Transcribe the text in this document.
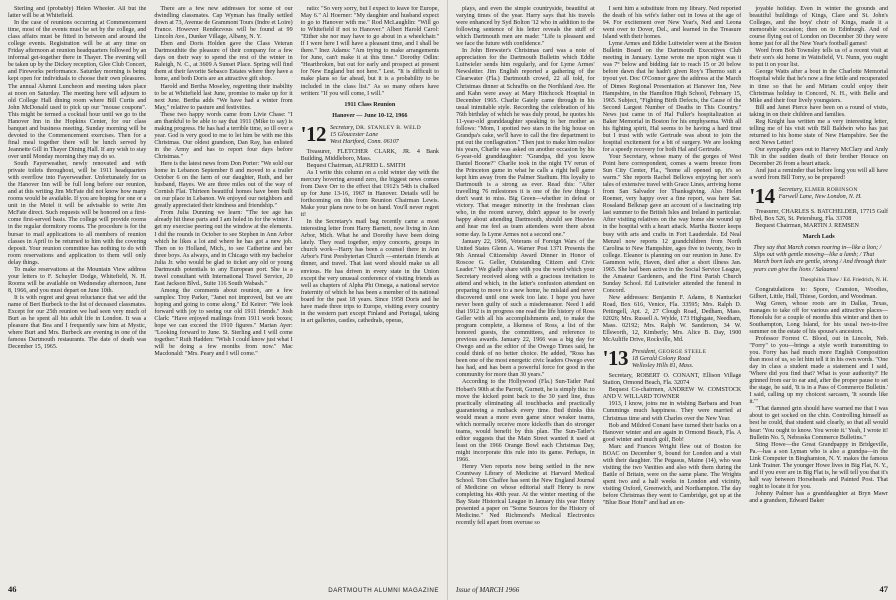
Sterling and (probably) Helen Wheeler. All but the latter will be at Whitefield.

In the case of reunions occurring at Commencement time, most of the events must be set by the college, and class affairs must be fitted in between and around the college events. Registration will be at any time on Friday afternoon at reunion headquarters followed by an informal get-together there in Thayer. The evening will be taken up by the Dickey reception, Glee Club Concert, and Fireworks performance. Saturday morning is being kept open for individuals to choose their own pleasures. The annual Alumni Luncheon and meeting takes place at noon on Saturday. The meeting here will adjourn to old College Hall dining room where Bill Curtis and John McDonald used to pick up our "mouse coupons". This might be termed a cocktail hour until we go to the Hanover Inn in the Hopkins Center, for our class banquet and business meeting. Sunday morning will be devoted to the Commencement exercises. Then for a final meal together there will be lunch served by Jeannette Gill in Thayer Dining Hall. If any wish to stay over until Monday morning they may do so.

South Fayerweather, newly renovated and with private toilets throughout, will be 1911 headquarters with overflow into Fayerweather. Unfortunately for us the Hanover Inn will be full long before our reunion, and at this writing Jim McFate did not know how many rooms would be available. If you are hoping for one or a unit in the Motel it will be advisable to write Jim McFate direct. Such requests will be honored on a first-come first-served basis. The college will provide rooms in the regular dormitory rooms. The procedure is for the bursar to mail applications to all members of reunion classes in April to be returned to him with the covering deposit. Your reunion committee has nothing to do with room reservations and application to them will only delay things.

To make reservations at the Mountain View address your letters to F. Schuyler Dodge, Whitefield, N. H. Rooms will be available on Wednesday afternoon, June 8, 1966, and you must depart on June 10th.

It is with regret and great reluctance that we add the name of Bert Burbeck to the list of deceased classmates. Except for our 25th reunion we had seen very much of Burt as he spent all his adult life in London. It was a pleasure that Bea and I frequently saw him at Mystic, where Burt and Mrs. Burbeck are evening in one of the famous Dartmouth restaurants. The date of death was December 15, 1965.

There are a few new addresses for some of our dwindling classmates. Cap Wyman has finally settled down at 73, Avenue de Grammont Tours (Indre et Loire) France. However Rendezvous will be found at 99 Lincoln Ave., Dunker Village, Albany, N. Y.

Eben and Doris Holden gave the Class Veteran Dartmouthite the pleasure of their company for a few days on their way to spend the rest of the winter in Raleigh, N. C., at 3609 A Sunset Place. Spring will find them at their favorite Sebasco Estates where they have a home, and both Doris are an attractive gift shop.

Harold and Bertha Moseley, regretting their inability to be at Whitefield last June, promise to make up for it next June. Bertha adds "We have had a winter from May," relative to pasture and festivities.

These two happy words came from Livie Chase: "I am thankful to be able to say that 1911 (Mike to say) is making progress. He has had a terrible time, so ill over a year. God is very good to me to let him be with me this Christmas. Our oldest grandson, Dan Ray, has enlisted in the Army and has to report four days before Christmas."

Here is the latest news from Don Porter: "We sold our home in Lebanon September 8 and moved to a trailer October 6 on the farm of our daughter, Ruth, and her husband, Hayes. We are three miles out of the way of Cornish Flat. Thirteen beautiful homes have been built on our place in Lebanon. We enjoyed our neighbors and greatly appreciated their kindness and friendship."

From Julia Dunning we learn: "The tee age has already hit these parts and I am holed in for the winter. I get my exercise peering out the window at the elements. I did the rounds in October to see Stephen in Ann Arbor which he likes a lot and where he has got a new job. Then on to Holland, Mich., to see Catherine and her three boys. As always, and in Chicago with my bachelor Julia Jr. who would be glad to ticket any old or young Dartmouth potentials to any European port. She is a travel consultant with International Travel Service, 20 East Jackson Blvd., Suite 116 South Wabash."

Among the comments about reunion, are a few samples: Troy Parker, "Janet not improved, but we are hoping and going to come along." Ed Keirer: "We look forward with joy to seeing our old 1911 friends." Josh Clark: "Have enjoyed mailings from 1911 work boxes; hope we can exceed the 1910 figures." Marian Ayer: "Looking forward to June. St. Sterling and I will come together." Ruth Hadden: "Wish I could know just what I will be doing a few months from now." Mac Macdonald: "Mrs. Peary and I will come."

ratio: "So very sorry, but I expect to leave for Europe, May 6." Al Hoerner: "My daughter and husband expect to go to Hanover with me." Rod McLaughlin: "Will go to Whitefield if not to Hanover." Albert Harold Carol: "Either she nor may have to go about in a wheelchair." If I were here I will have a pleasant time, and I shall be there." Inez Adams: "Am trying to make arrangements for June, can't make it at this time." Dorothy Odlin: "Heartbroken, but out for early and prospect at present for New England but not here." Lest. "It is difficult to make plans so far ahead, but it is a probability to be included in the class list." As so many others have written: "If you will come, I will."

1911 Class Reunion

Hanover — June 10-12, 1966

'12 Secretary, DR. STANLEY B. WELD
15 Gloucester Lane
West Hartford, Conn. 06107

Treasurer, FLETCHER CLARK, JR. 4 Bank Building, Middleboro, Mass.

Bequest Chairman, ALFRED L. SMITH

As I write this column on a cold winter day with the mercury hovering around zero, the biggest news comes from Dave Orr to the effect that 1912's 54th is chalked up for June 13-16, 1967 in Hanover. Details will be forthcoming on this from Reunion Chairman Lewis. Make your plans now to be on hand. You'll never regret it!

In the Secretary's mail bag recently came a most interesting letter from Harry Barnett, now living in Ann Arbor, Mich. What he and Dorothy have been doing lately. They read together, enjoy concerts, groups in church work—Harry has been a counsel there in Ann Arbor's First Presbyterian Church —entertain friends at dinner, and travel. That last word should make us all envious. He has driven in every state in the Union except the very unusual conference of visiting friends as well as chapters of Alpha Phi Omega, a national service fraternity of which he has been a member of its national board for the past 18 years. Since 1958 Doris and he have made three trips to Europe, visiting every country in the western part except Finland and Portugal, taking in art galleries, castles, cathedrals, operas,

46	DARTMOUTH ALUMNI MAGAZINE

plays, and even the simple countryside, beautiful at varying times of the year. Harry says that his travels were enhanced by Syd Bolton '12 who in addition to the following sentence of his letter reveals the stuff of which Dartmouth men are made: "Life is pleasant and we face the future with confidence."

In John Brewster's Christmas card was a note of appreciation for the Dartmouth Bulletin which Eddie Luitwieler sends him regularly, and for Lyme Armes' Newsletter. Jim English reported a gathering of the Clearwater (Fla.) Dartmouth crowd, 22 all told, for Christmas dinner at Schraffts on the Northland Ave. He and Kahn were away at Mary Hitchcock Hospital in December 1965. Charlie Gately came through in his usual inimitable style. Recording the celebration of his 76th birthday of which he was duly proud, he quotes his 11-year-old granddaughter speaking to her mother as follows: "Mom, I spotted two stars in the big house on Grandpa's cake, we'll have to call the fire department to put out the conflagration." Then just to make him realize his years, Charlie was asked on another occasion by his 6-year-old granddaughter: "Grandpa, did you know Daniel Boone?" Charlie took in the night TV rerun of the Princeton game in what he calls a right hell game kept him away from the Palmer Stadium. His loyalty to Dartmouth is a strong as ever. Read this: "After travelling 76 milestones it is one of the few things I don't want to miss. Big Green—whether in defeat or victory. That meager minority in the freshman class who, in the recent survey, didn't appear to be overly happy about attending Dartmouth, should see Heavies and hear me feel as team attendees were there about some day. Is Lyme Armes not a second one."

January 22, 1966, Veterans of Foreign Wars of the United States Glenn A. Warner Post 1371 Presents the 9th Annual Citizenship Award Dinner in Honor of Roscoe G. Geller, Outstanding Citizen and Civic Leader." We gladly share with you the word which your Secretary received along with a gracious invitation to attend and which, in the latter's confusion attendant on preparing to move to a new home, he mislaid and never discovered until one week too late. I hope you have never been guilty of such a misdemeanor. Need I add that 1912 is in progress one read the life history of Ross Geller with all his accomplishments and, to make the program complete, a likeness of Ross, a list of the honored guests, the committees, and reference to previous awards. January 22, 1966 was a big day for Owego and as the editor of the Owego Times said, he could think of no better choice. He added, "Ross has been one of the most energetic civic leaders Owego ever has had, and has been a powerful force for good in the community for more than 30 years."

According to the Hollywood (Fla.) Sun-Tatler Paul Hobart's 90th at the Parrott, Gurnett, he is simply this: to move the kicked point back to the 30 yard line, thus practically eliminating all touchbacks and practically guaranteeing a runback every time. Bud thinks this would mean a more even game since weaker teams, which normally receive more kickoffs than do stronger teams, would benefit by this plan. The Sun-Tatler's editor suggests that the Main Street wanted it used at least on the 1966 Orange Bowl each Christmas Day, might incorporate this rule into its game. Perhaps, in 1966.

Henry Vien reports now being settled in the new Countway Library of Medicine at Harvard Medical School. Tom Chaffee has sent the New England Journal of Medicine on whose editorial staff Henry is now completing his 40th year. At the winter meeting of the Bay State Historical League in January this year Henry presented a paper on "Some Sources for the History of Medicine." Ned Richmond's Medical Electronics recently fell apart from overuse so

I sent him a substitute from my library. Ned reported the death of his wife's father out in Iowa at the age of 94. For excitement over New Year's, Ned and Leona went over to Dover, Del., and learned in the Treasure Island with their homes.

Lyme Armes and Eddie Luitwieler were at the Boston Bulletin Board on the Dartmouth Executives Club meeting in January. Lyme wrote me upon night was it was 7° below and bidding fair to reach 15 or 20 below before dawn that he hadn't given Roy's Thermo suit a tryout yet. Doc O'Connor gave the address at the March of Dimes Regional Presentation at Hanover Inn, New Hampshire, in the Hamilton High School, February 15, 1965. Subject, "Fighting Birth Defects, the Cause of the Second Largest Number of Deaths in This Country." News just came in of Hal Fuller's hospitalization at Baker Memorial in Boston for his emphysema. With all his fighting spirit, Hal seems to be having a hard time but I trust with wife Gertrude was about to join the hospital excitement for a bit of surgery. We are looking for a speedy recovery for both Hal and Gertrude.

Your Secretary, whose many of the gorges of West Point here correspondent, comes a warm breeze from Sun City Center, Fla., "home all opened up, it's so warm." She reports Rachel Bellows enjoying her son's tales of extensive travel with Grace Lines, arriving home from San Salvador for Thanksgiving. Also Helen Roemer, very happy over a fine report, was here Sat. Rosaland Belknap gave an account of a fascinating trip last summer to the British Isles and Ireland in particular. After visiting relatives on the way home she wound up in the hospital with a heart attack. Martha Baxter keeps busy with arts and crafts in Fort Lauderdale. Ed Neal Menzel now reports 12 grandchildren from North Carolina to New Hampshire, ages five to twenty, two in college. Eleanor is planning on our reunion in June. Ev Gammon wife, Haven, died after a short illness Jan. 1965. She had been active in the Social Service League, the Amateur Gardeners, and the First Parish Church Sunday School. Ed Luitwieler attended the funeral in Concord.

New addresses: Benjamin F. Adams, 8 Nantucket Road, Box 616, Venice, Fla. 33595; Mrs. Ralph D. Pettingell, Apt. 2, 27 Clough Road, Dedham, Mass. 02026; Mrs. Russell A. Wylde, 173 Highgate, Needham, Mass. 02192; Mrs. Ralph W. Sanderson, 34 W. Ellsworth, 12, Kimberly; Mrs. Alice B. Day, 1900 McAuliffe Drive, Rockville, Md.

'13 President, GEORGE STEELE
18 Gerald Colony Road
Wellesley Hills 81, Mass.

Secretary, ROBERT O. CONANT, Ellison Village Station, Ormond Beach, Fla. 32074

Bequest Co-chairmen, ANDREW W. COMSTOCK AND V. WILLARD TOWNER

1913, I know, joins me in wishing Barbara and Ivan Cummings much happiness. They were married at Christmas time and with Charles over the New Year.

Bob and Mildred Conant have turned their backs on a Hanover winter and are again in Ormond Beach, Fla. A good winter and much golf, Bob!

Marc and Frances Wright flew out of Boston for BOAC on December 9, bound for London and a visit with their daughter. The Pegasus, Maine (14), who was visiting the two Vanities and also with them during the Battle of Britain, were on the same plane. The Wrights spent two and a half weeks in London and vicinity, visiting Oxford, Greenwich, and Northampton. The day before Christmas they went to Cambridge, got up at the "Blue Boar Hotel" and had an en-

joyable holiday. Even in winter the grounds and beautiful buildings of Kings, Clare and St. John's Colleges, and the boys' choir of Kings, made it a memorable occasion; then on to Edinburgh. And of course flying out of London on December 30 they were home just for all the New Year's football games!

Word from Bob Townsley tells us of a recent visit at their son's ski home in Waitsfield, Vt. Nunn, you ought to put it on your list.

George Watts after a bout in the Charlotte Memorial Hospital while that he's now a fine fettle and recuperated in time so that he and Miriam could enjoy their Christmas holiday in Concord, N. H., with Belle and Mike and their four lively youngsters.

Bill and Janet Pierce have been on a round of visits, taking in on their children and families.

Reg Knight has written me a very interesting letter, telling me of his visit with Bill Baldwin who has just returned to his home state of New Hampshire. See the next News Letter!

Our sympathy goes out to Harvey McClary and Andy Tilt in the sudden death of their brother Horace on December 26 from a heart attack.

And just a reminder that before long you will all have a word from Bill Torry, so be prepared!

'14 Secretary, ELMER ROBINSON
Farwell Lane, New London, N. H.

Treasurer, CHARLES S. BATCHELDER, 17715 Gulf Blvd, Box 526, St. Petersburg, Fla. 33708

Bequest Chairman, MARTIN J. REMSEN

March Lads

They say that March comes roaring in—like a lion; / Slips out with gentle mowing—like a lamb; / That March born lads are gentle, strong / And through their years can give the lions / Salaams!

Theophilus Thaw / Ed. Friedrich, N. H.

Congratulations to: Spore, Cranston, Woodies, Gilbert, Little, Hall, Thiese, Gordon, and Woodman.

Wag Green, whose roots are in Dallas, Texas, manages to take off for various and attractive places—Honolulu for a couple of months this winter and then to Southampton, Long Island, for his usual two-to-five summer on the estate of his spouse's ancestors.

Professor Forrest C. Blood, out in Lincoln, Neb. "Forry" to you—brings a style worth transmitting to you. Forry has had much more English Composition than most of us, so let him tell it in his own words. "One day in class a student made a statement and I said, 'Where did you find that? What is your authority?' He grinned from ear to ear and, after the proper pause to set the stage, he said, 'It is in a Pass of Commerce Bulletin.' I said, calling up my choicest sarcasm, 'It sounds like it.'"

"That damned grin should have warned me that I was about to get socked on the chin. Controlling himself as best he could, that student said clearly, so that all would hear: 'You ought to know. You wrote it.' Yeah, I wrote it! Bulletin No. 5, Nebraska Commerce Bulletins."

Sting Howe—the Great Grandpappy in Bridgeville, Pa.—has a son Lyman who is also a grandpa—in the Link Computer in Binghamton, N. Y. makes the famous Link Trainer. The younger Howe lives in Big Flat, N. Y., and if you ever are in Big Flat is, he will tell you that it's half way between Horseheads and Painted Post. That ought to locate it for you.

Johnny Palmer has a granddaughter at Bryn Mawr and a grandson, Edward Baker

Issue of MARCH 1966	47
